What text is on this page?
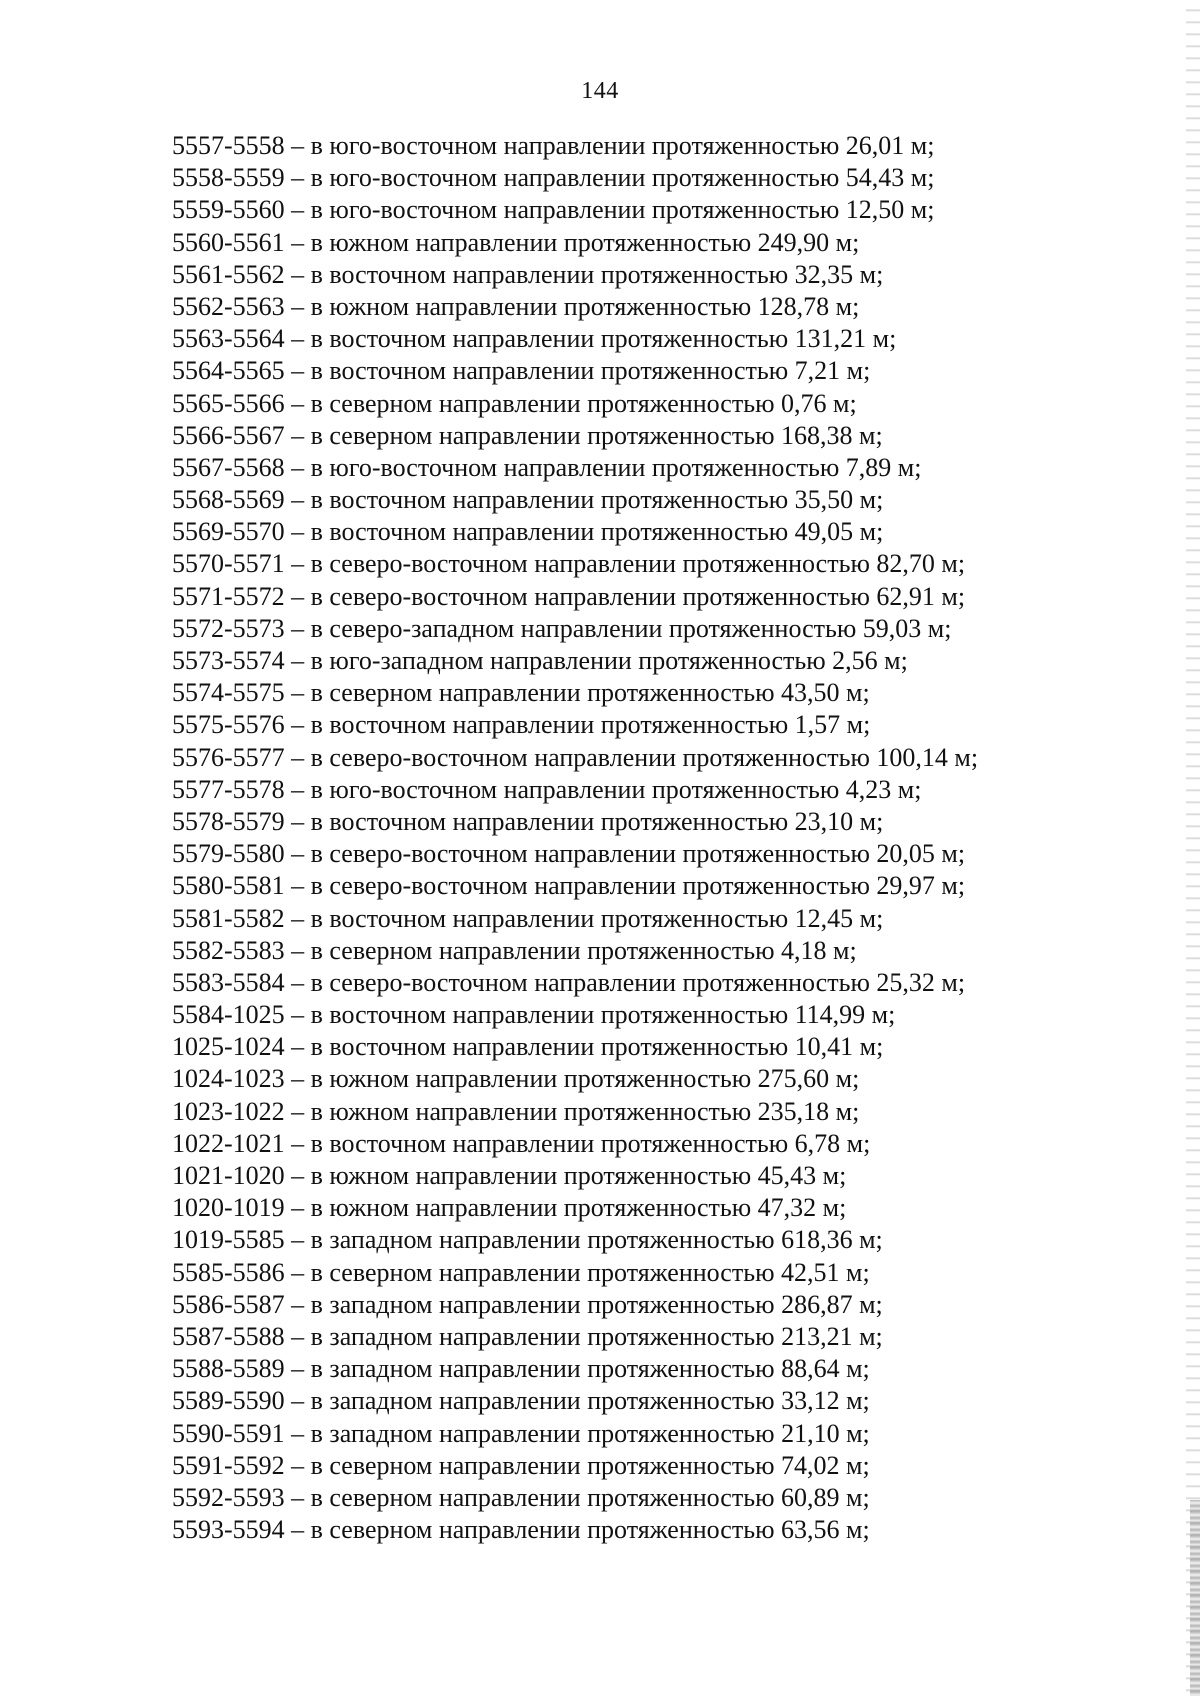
144
5557-5558 – в юго-восточном направлении протяженностью 26,01 м;
5558-5559 – в юго-восточном направлении протяженностью 54,43 м;
5559-5560 – в юго-восточном направлении протяженностью 12,50 м;
5560-5561 – в южном направлении протяженностью 249,90 м;
5561-5562 – в восточном направлении протяженностью 32,35 м;
5562-5563 – в южном направлении протяженностью 128,78 м;
5563-5564 – в восточном направлении протяженностью 131,21 м;
5564-5565 – в восточном направлении протяженностью 7,21 м;
5565-5566 – в северном направлении протяженностью 0,76 м;
5566-5567 – в северном направлении протяженностью 168,38 м;
5567-5568 – в юго-восточном направлении протяженностью 7,89 м;
5568-5569 – в восточном направлении протяженностью 35,50 м;
5569-5570 – в восточном направлении протяженностью 49,05 м;
5570-5571 – в северо-восточном направлении протяженностью 82,70 м;
5571-5572 – в северо-восточном направлении протяженностью 62,91 м;
5572-5573 – в северо-западном направлении протяженностью 59,03 м;
5573-5574 – в юго-западном направлении протяженностью 2,56 м;
5574-5575 – в северном направлении протяженностью 43,50 м;
5575-5576 – в восточном направлении протяженностью 1,57 м;
5576-5577 – в северо-восточном направлении протяженностью 100,14 м;
5577-5578 – в юго-восточном направлении протяженностью 4,23 м;
5578-5579 – в восточном направлении протяженностью 23,10 м;
5579-5580 – в северо-восточном направлении протяженностью 20,05 м;
5580-5581 – в северо-восточном направлении протяженностью 29,97 м;
5581-5582 – в восточном направлении протяженностью 12,45 м;
5582-5583 – в северном направлении протяженностью 4,18 м;
5583-5584 – в северо-восточном направлении протяженностью 25,32 м;
5584-1025 – в восточном направлении протяженностью 114,99 м;
1025-1024 – в восточном направлении протяженностью 10,41 м;
1024-1023 – в южном направлении протяженностью 275,60 м;
1023-1022 – в южном направлении протяженностью 235,18 м;
1022-1021 – в восточном направлении протяженностью 6,78 м;
1021-1020 – в южном направлении протяженностью 45,43 м;
1020-1019 – в южном направлении протяженностью 47,32 м;
1019-5585 – в западном направлении протяженностью 618,36 м;
5585-5586 – в северном направлении протяженностью 42,51 м;
5586-5587 – в западном направлении протяженностью 286,87 м;
5587-5588 – в западном направлении протяженностью 213,21 м;
5588-5589 – в западном направлении протяженностью 88,64 м;
5589-5590 – в западном направлении протяженностью 33,12 м;
5590-5591 – в западном направлении протяженностью 21,10 м;
5591-5592 – в северном направлении протяженностью 74,02 м;
5592-5593 – в северном направлении протяженностью 60,89 м;
5593-5594 – в северном направлении протяженностью 63,56 м;
